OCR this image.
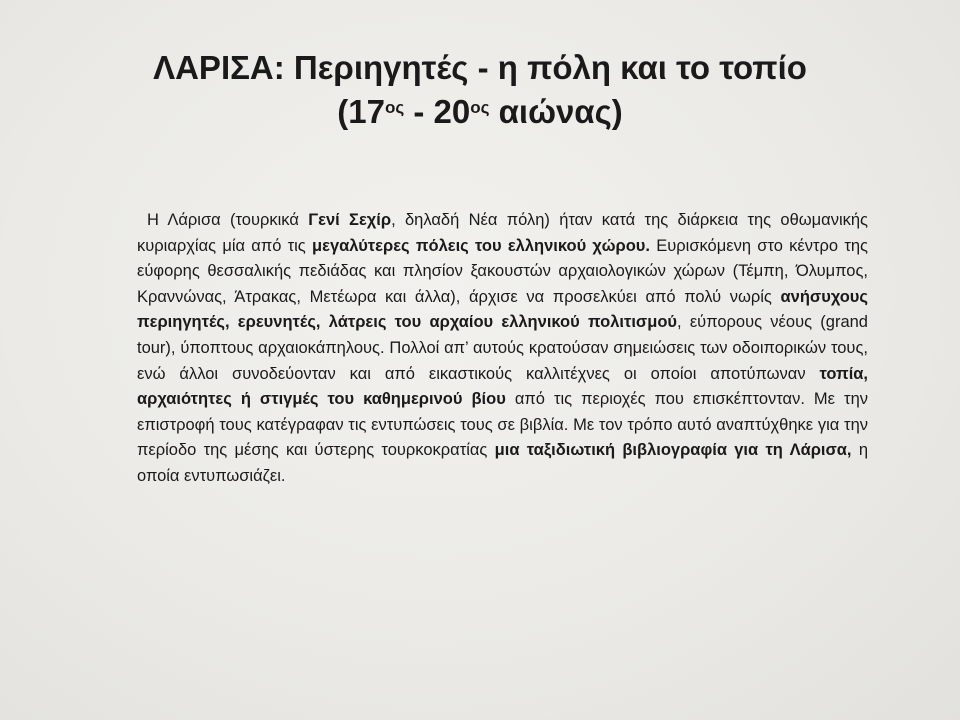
ΛΑΡΙΣΑ: Περιηγητές - η πόλη και το τοπίο
($17^{o\varsigma} - 20^{o\varsigma}$ αιώνας)

Η Λάρισα (τουρκικά Γενί Σεχίρ, δηλαδή Νέα πόλη) ήταν κατά της διάρκεια της οθωμανικής κυριαρχίας μία από τις μεγαλύτερες πόλεις του ελληνικού χώρου. Ευρισκόμενη στο κέντρο της εύφορης θεσσαλικής πεδιάδας και πλησίον ξακουστών αρχαιολογικών χώρων (Τέμπη, Όλυμπος, Κραννώνας, Άτρακας, Μετέωρα και άλλα), άρχισε να προσελκύει από πολύ νωρίς ανήσυχους περιηγητές, ερευνητές, λάτρεις του αρχαίου ελληνικού πολιτισμού, εύπορους νέους (grand tour), ύποπτους αρχαιοκάπηλους. Πολλοί απ’ αυτούς κρατούσαν σημειώσεις των οδοιπορικών τους, ενώ άλλοι συνοδεύονταν και από εικαστικούς καλλιτέχνες οι οποίοι αποτύπωναν τοπία, αρχαιότητες ή στιγμές του καθημερινού βίου από τις περιοχές που επισκέπτονταν. Με την επιστροφή τους κατέγραφαν τις εντυπώσεις τους σε βιβλία. Με τον τρόπο αυτό αναπτύχθηκε για την περίοδο της μέσης και ύστερης τουρκοκρατίας μια ταξιδιωτική βιβλιογραφία για τη Λάρισα, η οποία εντυπωσιάζει.
